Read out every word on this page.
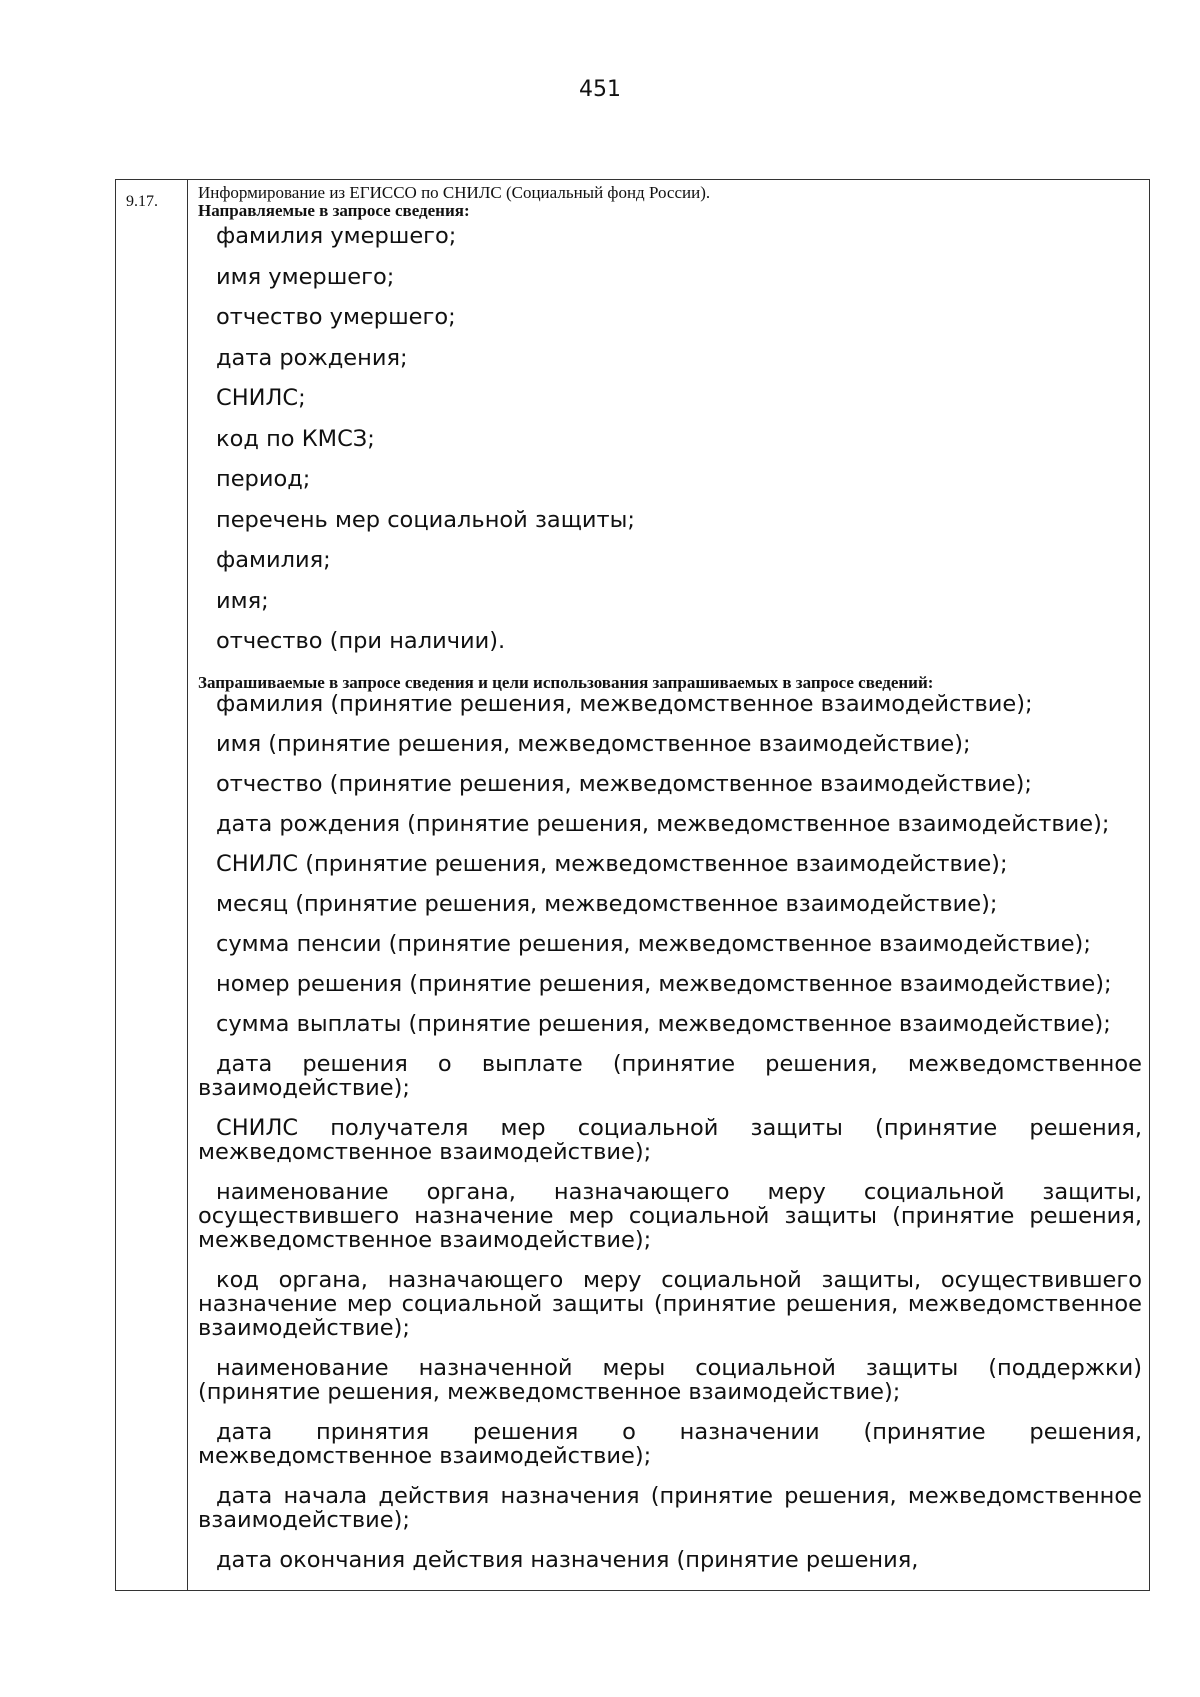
451
9.17. Информирование из ЕГИССО по СНИЛС (Социальный фонд России).

Направляемые в запросе сведения:

фамилия умершего;
имя умершего;
отчество умершего;
дата рождения;
СНИЛС;
код по КМСЗ;
период;
перечень мер социальной защиты;
фамилия;
имя;
отчество (при наличии).

Запрашиваемые в запросе сведения и цели использования запрашиваемых в запросе сведений:

фамилия (принятие решения, межведомственное взаимодействие);
имя (принятие решения, межведомственное взаимодействие);
отчество (принятие решения, межведомственное взаимодействие);
дата рождения (принятие решения, межведомственное взаимодействие);
СНИЛС (принятие решения, межведомственное взаимодействие);
месяц (принятие решения, межведомственное взаимодействие);
сумма пенсии (принятие решения, межведомственное взаимодействие);
номер решения (принятие решения, межведомственное взаимодействие);
сумма выплаты (принятие решения, межведомственное взаимодействие);
дата решения о выплате (принятие решения, межведомственное взаимодействие);
СНИЛС получателя мер социальной защиты (принятие решения, межведомственное взаимодействие);
наименование органа, назначающего меру социальной защиты, осуществившего назначение мер социальной защиты (принятие решения, межведомственное взаимодействие);
код органа, назначающего меру социальной защиты, осуществившего назначение мер социальной защиты (принятие решения, межведомственное взаимодействие);
наименование назначенной меры социальной защиты (поддержки) (принятие решения, межведомственное взаимодействие);
дата принятия решения о назначении (принятие решения, межведомственное взаимодействие);
дата начала действия назначения (принятие решения, межведомственное взаимодействие);
дата окончания действия назначения (принятие решения,
